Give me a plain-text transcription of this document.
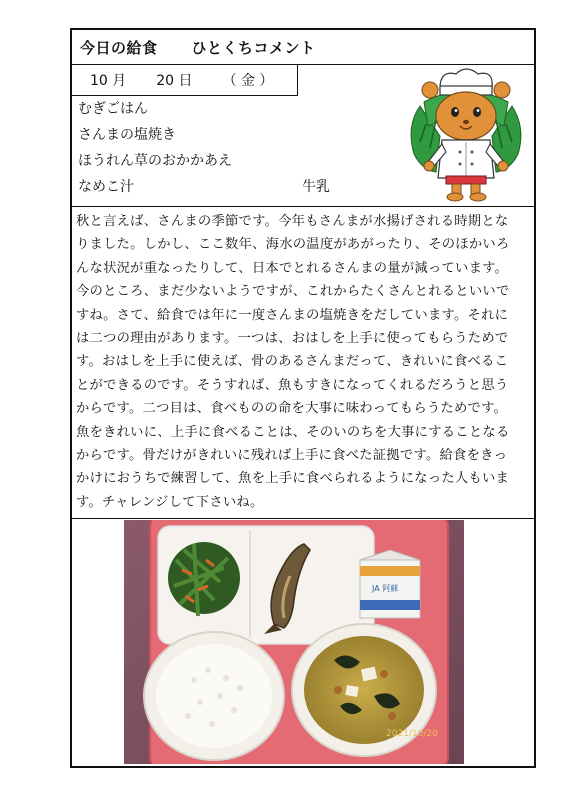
今日の給食 ひとくちコメント
10 月 20 日 （ 金 ）
むぎごはん
さんまの塩焼き
ほうれん草のおかかあえ
なめこ汁	牛乳
秋と言えば、さんまの季節です。今年もさんまが水揚げされる時期とな
りました。しかし、ここ数年、海水の温度があがったり、そのほかいろ
んな状況が重なったりして、日本でとれるさんまの量が減っています。
今のところ、まだ少ないようですが、これからたくさんとれるといいで
すね。さて、給食では年に一度さんまの塩焼きをだしています。それに
は二つの理由があります。一つは、おはしを上手に使ってもらうためで
す。おはしを上手に使えば、骨のあるさんまだって、きれいに食べるこ
とができるのです。そうすれば、魚もすきになってくれるだろうと思う
からです。二つ目は、食べものの命を大事に味わってもらうためです。
魚をきれいに、上手に食べることは、そのいのちを大事にすることなる
からです。骨だけがきれいに残れば上手に食べた証拠です。給食をきっ
かけにおうちで練習して、魚を上手に食べられるようになった人もいま
す。チャレンジして下さいね。
JA 阿蘇
2021/10/20
